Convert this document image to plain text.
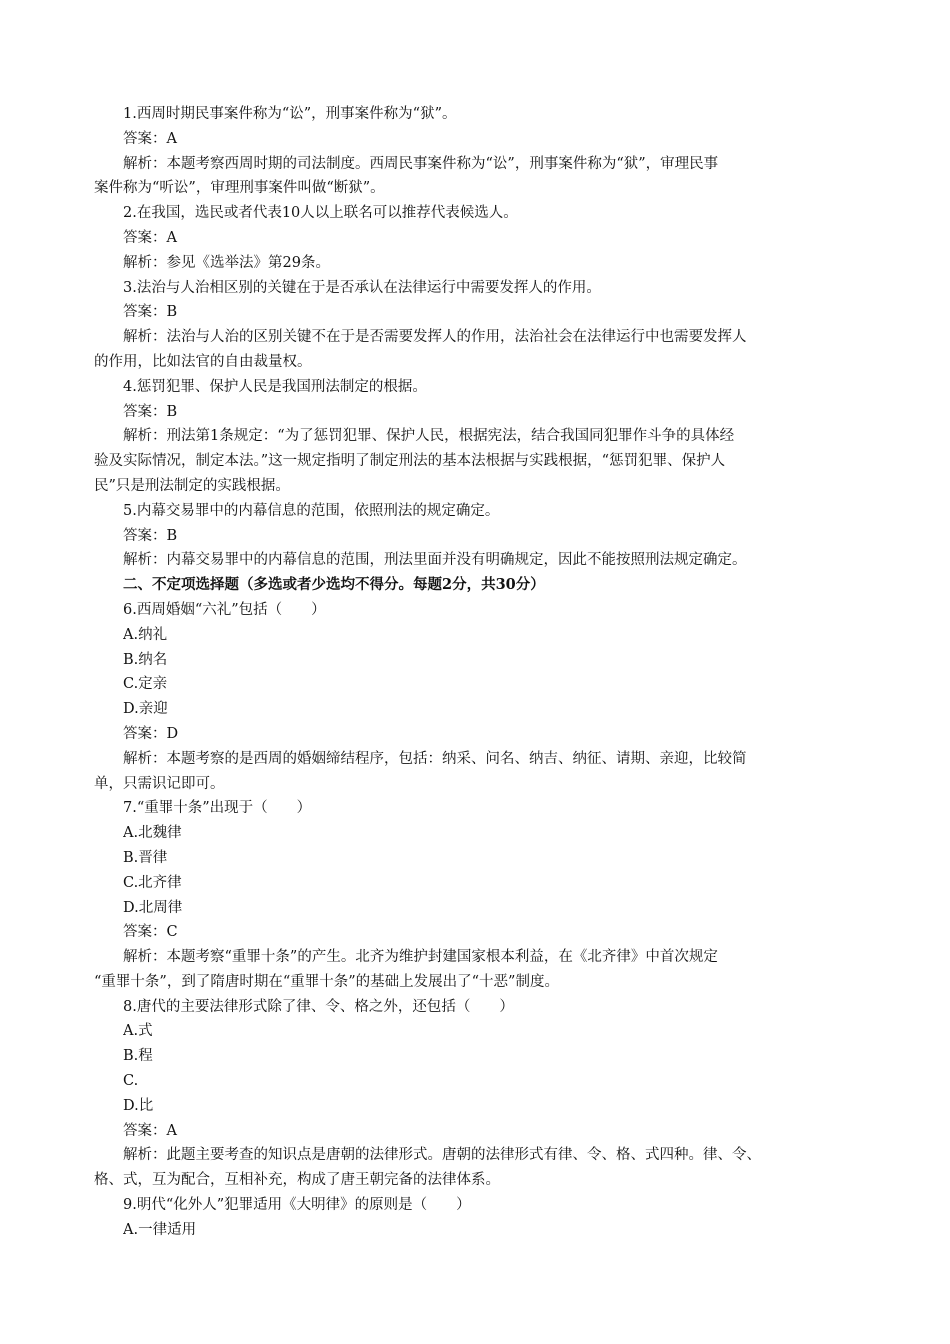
1.西周时期民事案件称为“讼”，刑事案件称为“狱”。
答案：A
解析：本题考察西周时期的司法制度。西周民事案件称为“讼”，刑事案件称为“狱”，审理民事
案件称为“听讼”，审理刑事案件叫做“断狱”。
2.在我国，选民或者代表10人以上联名可以推荐代表候选人。
答案：A
解析：参见《选举法》第29条。
3.法治与人治相区别的关键在于是否承认在法律运行中需要发挥人的作用。
答案：B
解析：法治与人治的区别关键不在于是否需要发挥人的作用，法治社会在法律运行中也需要发挥人
的作用，比如法官的自由裁量权。
4.惩罚犯罪、保护人民是我国刑法制定的根据。
答案：B
解析：刑法第1条规定：“为了惩罚犯罪、保护人民，根据宪法，结合我国同犯罪作斗争的具体经
验及实际情况，制定本法。”这一规定指明了制定刑法的基本法根据与实践根据，“惩罚犯罪、保护人
民”只是刑法制定的实践根据。
5.内幕交易罪中的内幕信息的范围，依照刑法的规定确定。
答案：B
解析：内幕交易罪中的内幕信息的范围，刑法里面并没有明确规定，因此不能按照刑法规定确定。
二、不定项选择题（多选或者少选均不得分。每题2分，共30分）
6.西周婚姻“六礼”包括（　　）
A.纳礼
B.纳名
C.定亲
D.亲迎
答案：D
解析：本题考察的是西周的婚姻缔结程序，包括：纳采、问名、纳吉、纳征、请期、亲迎，比较简
单，只需识记即可。
7.“重罪十条”出现于（　　）
A.北魏律
B.晋律
C.北齐律
D.北周律
答案：C
解析：本题考察“重罪十条”的产生。北齐为维护封建国家根本利益，在《北齐律》中首次规定
“重罪十条”，到了隋唐时期在“重罪十条”的基础上发展出了“十恶”制度。
8.唐代的主要法律形式除了律、令、格之外，还包括（　　）
A.式
B.程
C.
D.比
答案：A
解析：此题主要考查的知识点是唐朝的法律形式。唐朝的法律形式有律、令、格、式四种。律、令、
格、式，互为配合，互相补充，构成了唐王朝完备的法律体系。
9.明代“化外人”犯罪适用《大明律》的原则是（　　）
A.一律适用
